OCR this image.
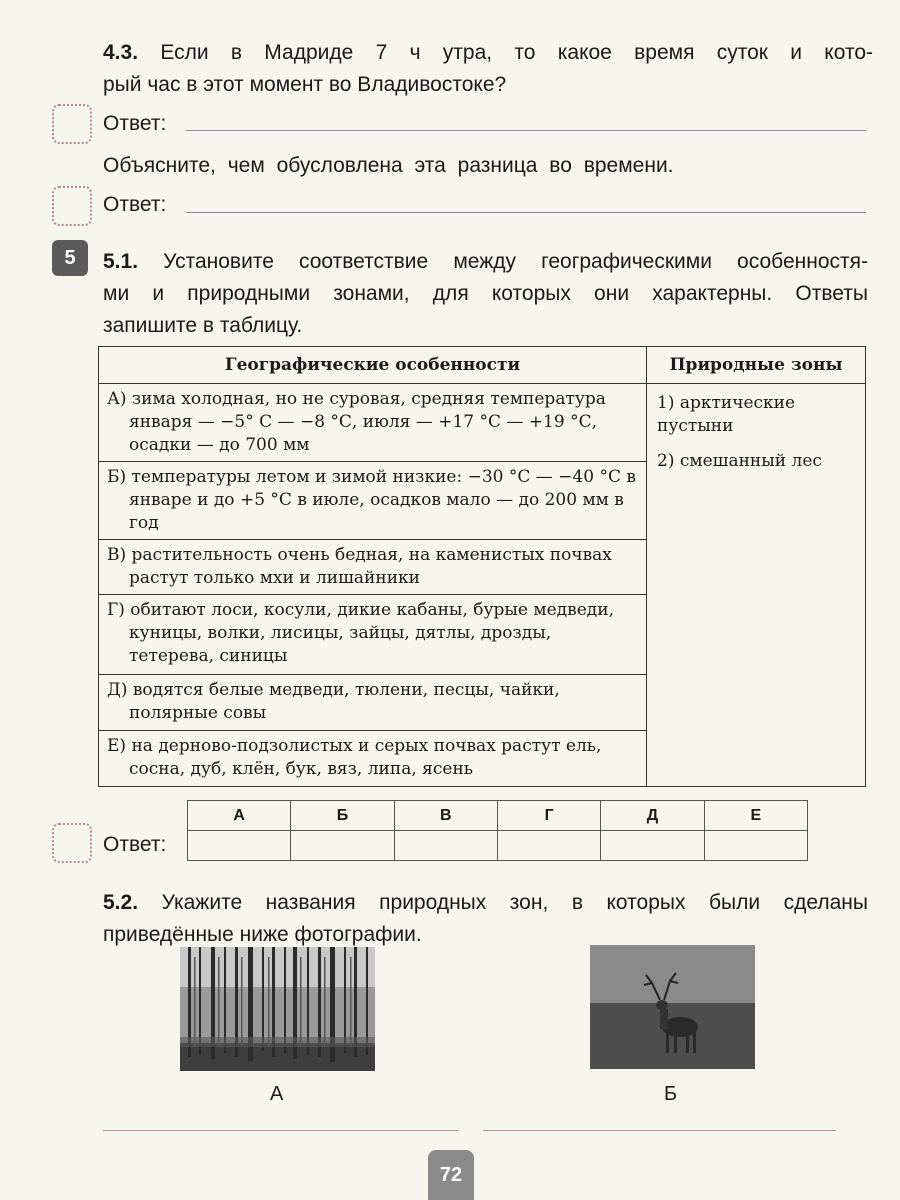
4.3. Если в Мадриде 7 ч утра, то какое время суток и кото-
рый час в этот момент во Владивостоке?
Ответ:
Объясните, чем обусловлена эта разница во времени.
Ответ:
5	5.1. Установите соответствие между географическими особенностя-
ми и природными зонами, для которых они характерны. Ответы
запишите в таблицу.
Географические особенности	Природные зоны

А) зима холодная, но не суровая, средняя температура января — −5° С — −8 °С, июля — +17 °С — +19 °С, осадки — до 700 мм	1) арктические пустыни
2) смешанный лес

Б) температуры летом и зимой низкие: −30 °С — −40 °С в январе и до +5 °С в июле, осадков мало — до 200 мм в год	

В) растительность очень бедная, на каменистых почвах растут только мхи и лишайники	

Г) обитают лоси, косули, дикие кабаны, бурые медведи, куницы, волки, лисицы, зайцы, дятлы, дрозды, тетерева, синицы	

Д) водятся белые медведи, тюлени, песцы, чайки, полярные совы	

Е) на дерново-подзолистых и серых почвах растут ель, сосна, дуб, клён, бук, вяз, липа, ясень	
Ответ:
А	Б	В	Г	Д	Е

5.2. Укажите названия природных зон, в которых были сделаны
приведённые ниже фотографии.
А	Б
72
